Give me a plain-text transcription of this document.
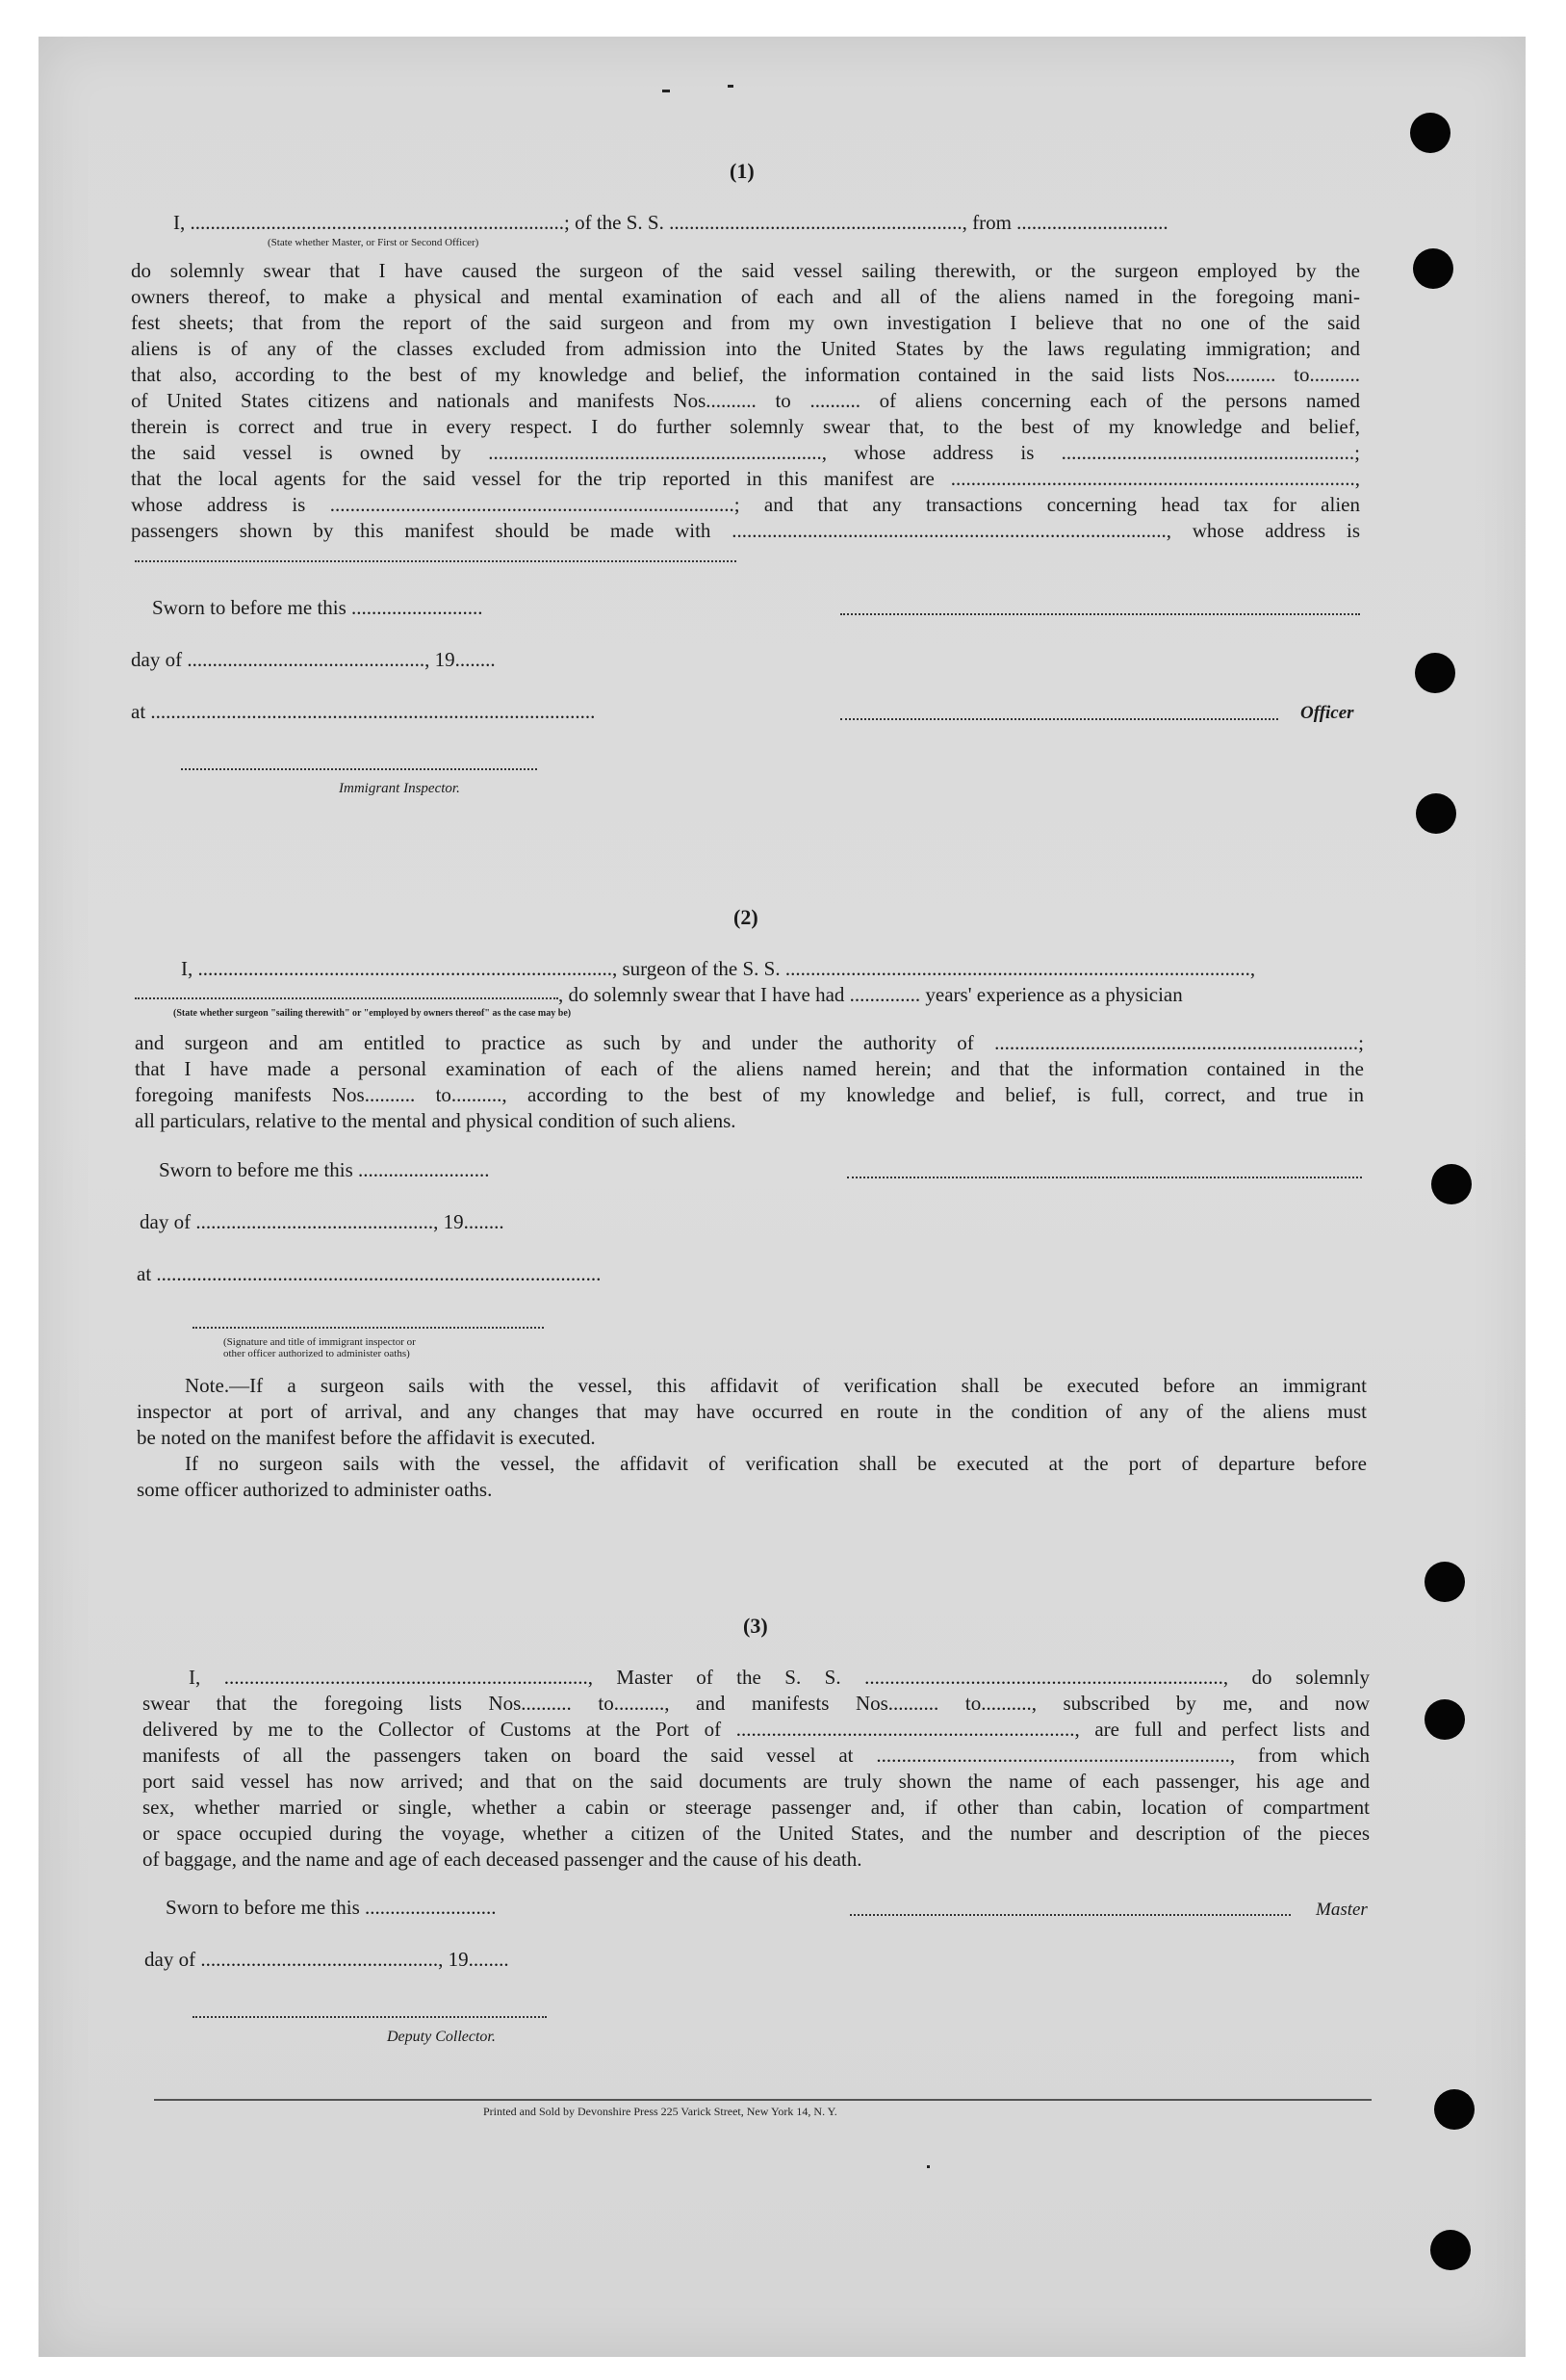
(1)
I, ..........................................................................; of the S. S. .........................................................., from ..............................
(State whether Master, or First or Second Officer)
do solemnly swear that I have caused the surgeon of the said vessel sailing therewith, or the surgeon employed by the
owners thereof, to make a physical and mental examination of each and all of the aliens named in the foregoing mani-
fest sheets; that from the report of the said surgeon and from my own investigation I believe that no one of the said
aliens is of any of the classes excluded from admission into the United States by the laws regulating immigration; and
that also, according to the best of my knowledge and belief, the information contained in the said lists Nos.......... to..........
of United States citizens and nationals and manifests Nos.......... to .......... of aliens concerning each of the persons named
therein is correct and true in every respect. I do further solemnly swear that, to the best of my knowledge and belief,
the said vessel is owned by .................................................................., whose address is ..........................................................;
that the local agents for the said vessel for the trip reported in this manifest are ................................................................................,
whose address is ................................................................................; and that any transactions concerning head tax for alien
passengers shown by this manifest should be made with ......................................................................................, whose address is
Sworn to before me this ..........................
day of ..............................................., 19........
at ........................................................................................	Officer
Immigrant Inspector.
(2)
I, .................................................................................., surgeon of the S. S. ............................................................................................,
, do solemnly swear that I have had .............. years' experience as a physician
(State whether surgeon "sailing therewith" or "employed by owners thereof" as the case may be)
and surgeon and am entitled to practice as such by and under the authority of ........................................................................;
that I have made a personal examination of each of the aliens named herein; and that the information contained in the
foregoing manifests Nos.......... to.........., according to the best of my knowledge and belief, is full, correct, and true in
all particulars, relative to the mental and physical condition of such aliens.
Sworn to before me this ..........................
day of ..............................................., 19........
at ........................................................................................
(Signature and title of immigrant inspector or
other officer authorized to administer oaths)
Note.—If a surgeon sails with the vessel, this affidavit of verification shall be executed before an immigrant
inspector at port of arrival, and any changes that may have occurred en route in the condition of any of the aliens must
be noted on the manifest before the affidavit is executed.
If no surgeon sails with the vessel, the affidavit of verification shall be executed at the port of departure before
some officer authorized to administer oaths.
(3)
I, ........................................................................, Master of the S. S. ......................................................................., do solemnly
swear that the foregoing lists Nos.......... to.........., and manifests Nos.......... to.........., subscribed by me, and now
delivered by me to the Collector of Customs at the Port of ..................................................................., are full and perfect lists and
manifests of all the passengers taken on board the said vessel at ......................................................................, from which
port said vessel has now arrived; and that on the said documents are truly shown the name of each passenger, his age and
sex, whether married or single, whether a cabin or steerage passenger and, if other than cabin, location of compartment
or space occupied during the voyage, whether a citizen of the United States, and the number and description of the pieces
of baggage, and the name and age of each deceased passenger and the cause of his death.
Sworn to before me this ..........................	Master
day of ..............................................., 19........
Deputy Collector.
Printed and Sold by Devonshire Press 225 Varick Street, New York 14, N. Y.
